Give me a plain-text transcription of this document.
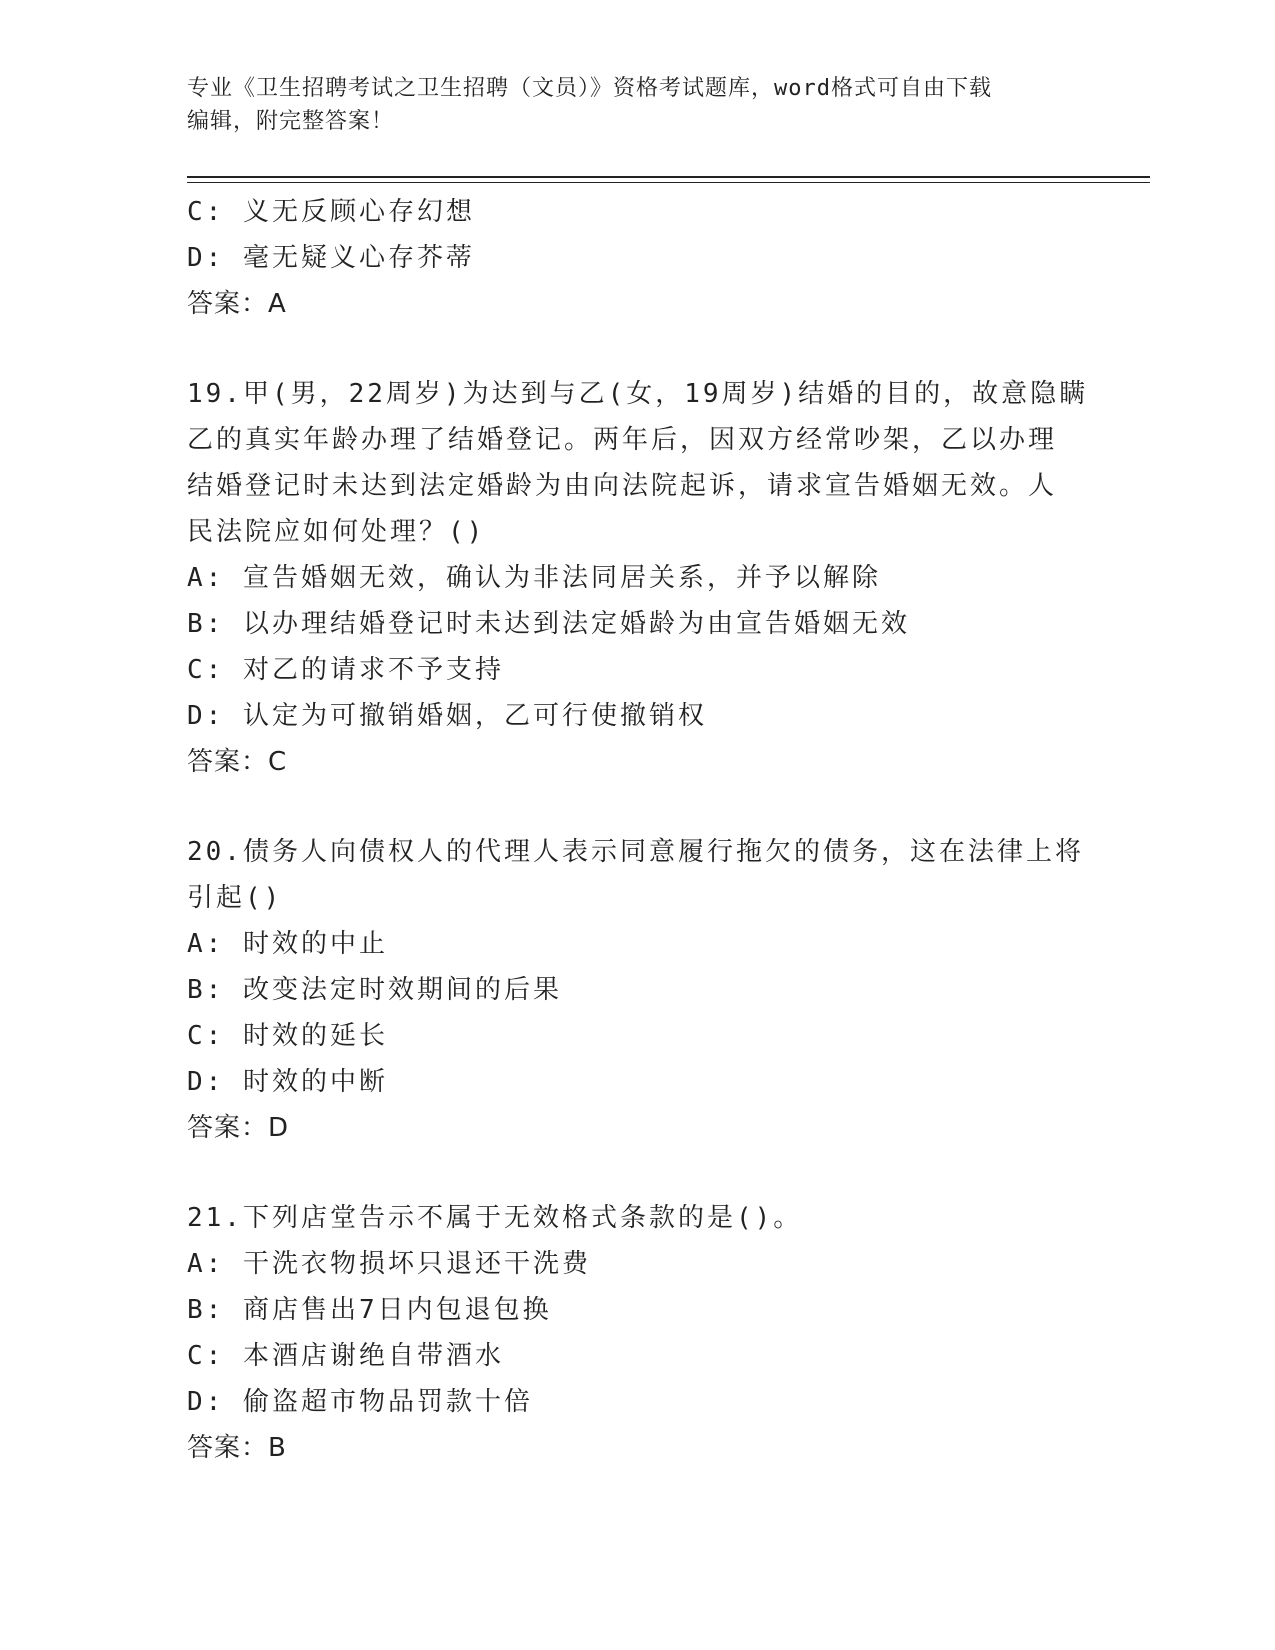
专业《卫生招聘考试之卫生招聘（文员）》资格考试题库，word格式可自由下载
编辑，附完整答案！
C: 义无反顾心存幻想
D: 毫无疑义心存芥蒂
答案：A
19.甲(男，22周岁)为达到与乙(女，19周岁)结婚的目的，故意隐瞒
乙的真实年龄办理了结婚登记。两年后，因双方经常吵架，乙以办理
结婚登记时未达到法定婚龄为由向法院起诉，请求宣告婚姻无效。人
民法院应如何处理？()
A: 宣告婚姻无效，确认为非法同居关系，并予以解除
B: 以办理结婚登记时未达到法定婚龄为由宣告婚姻无效
C: 对乙的请求不予支持
D: 认定为可撤销婚姻，乙可行使撤销权
答案：C
20.债务人向债权人的代理人表示同意履行拖欠的债务，这在法律上将
引起()
A: 时效的中止
B: 改变法定时效期间的后果
C: 时效的延长
D: 时效的中断
答案：D
21.下列店堂告示不属于无效格式条款的是()。
A: 干洗衣物损坏只退还干洗费
B: 商店售出7日内包退包换
C: 本酒店谢绝自带酒水
D: 偷盗超市物品罚款十倍
答案：B
